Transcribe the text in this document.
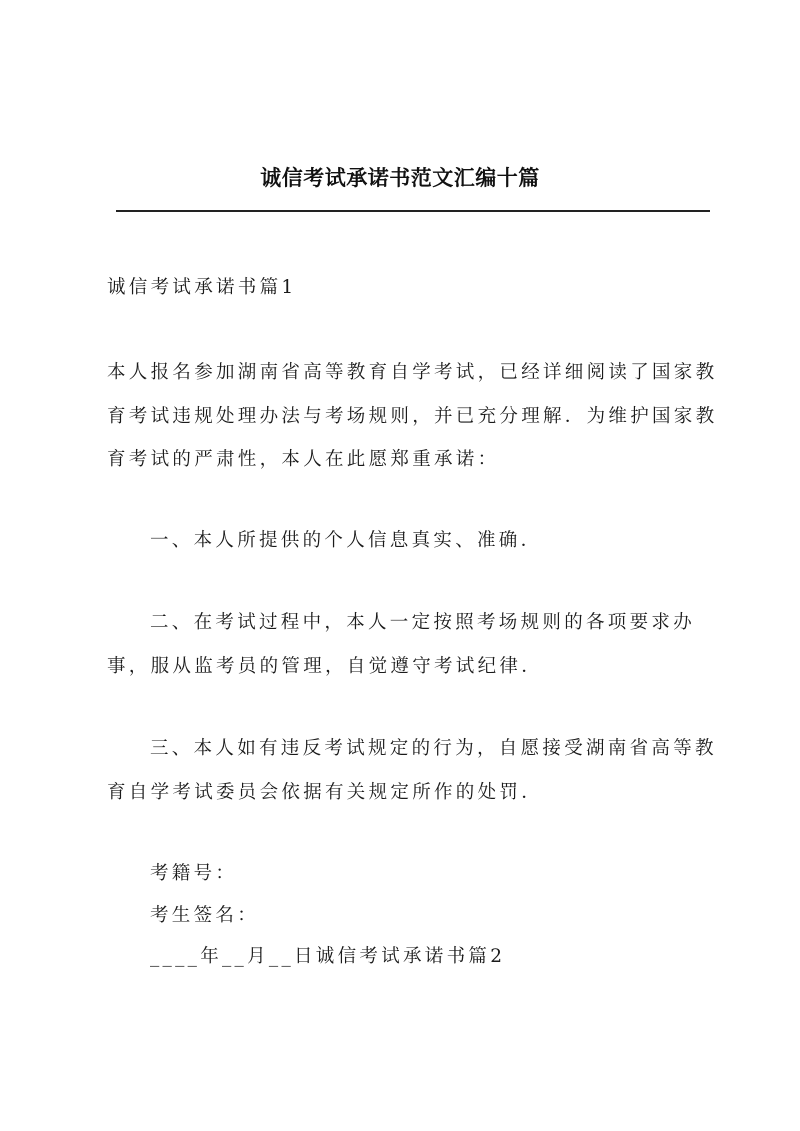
诚信考试承诺书范文汇编十篇
诚信考试承诺书篇1
本人报名参加湖南省高等教育自学考试，已经详细阅读了国家教
育考试违规处理办法与考场规则，并已充分理解．为维护国家教
育考试的严肃性，本人在此愿郑重承诺：
一、本人所提供的个人信息真实、准确．
二、在考试过程中，本人一定按照考场规则的各项要求办
事，服从监考员的管理，自觉遵守考试纪律．
三、本人如有违反考试规定的行为，自愿接受湖南省高等教
育自学考试委员会依据有关规定所作的处罚．
考籍号：
考生签名：
____年__月__日诚信考试承诺书篇2
